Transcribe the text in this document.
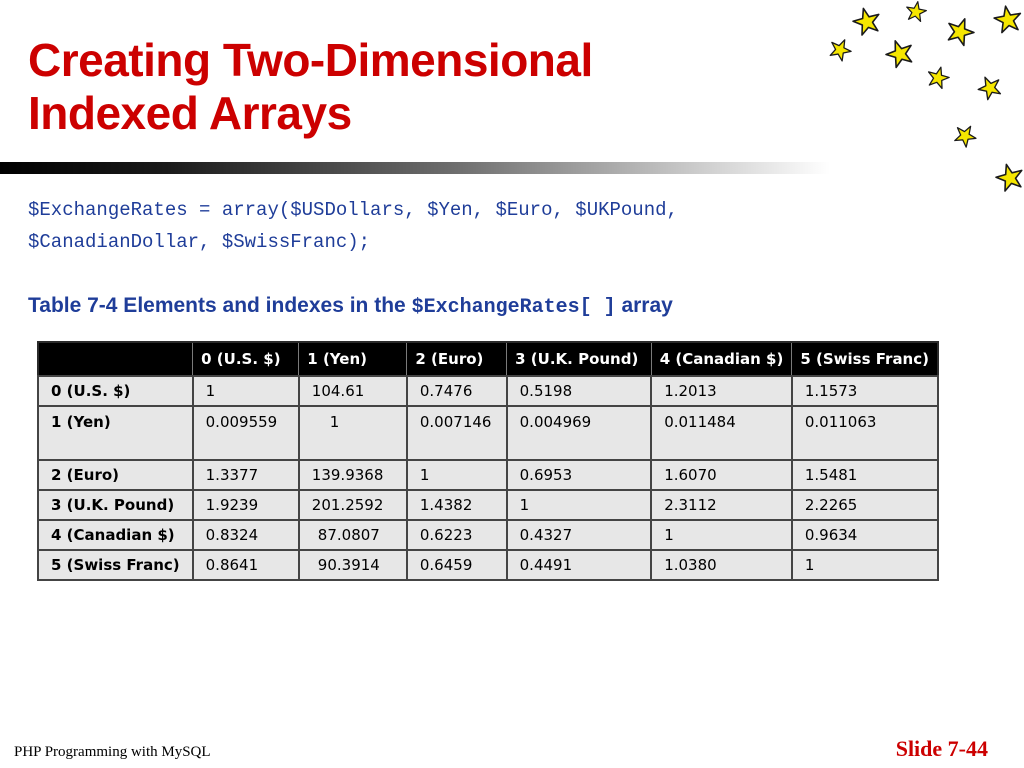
Creating Two-Dimensional
Indexed Arrays
$ExchangeRates = array($USDollars, $Yen, $Euro, $UKPound,
$CanadianDollar, $SwissFranc);
Table 7-4 Elements and indexes in the $ExchangeRates[ ] array
	0 (U.S. $)	1 (Yen)	2 (Euro)	3 (U.K. Pound)	4 (Canadian $)	5 (Swiss Franc)
0 (U.S. $)	1	104.61	0.7476	0.5198	1.2013	1.1573
1 (Yen)	0.009559	1	0.007146	0.004969	0.011484	0.011063
2 (Euro)	1.3377	139.9368	1	0.6953	1.6070	1.5481
3 (U.K. Pound)	1.9239	201.2592	1.4382	1	2.3112	2.2265
4 (Canadian $)	0.8324	87.0807	0.6223	0.4327	1	0.9634
5 (Swiss Franc)	0.8641	90.3914	0.6459	0.4491	1.0380	1
PHP Programming with MySQL	Slide 7-44
